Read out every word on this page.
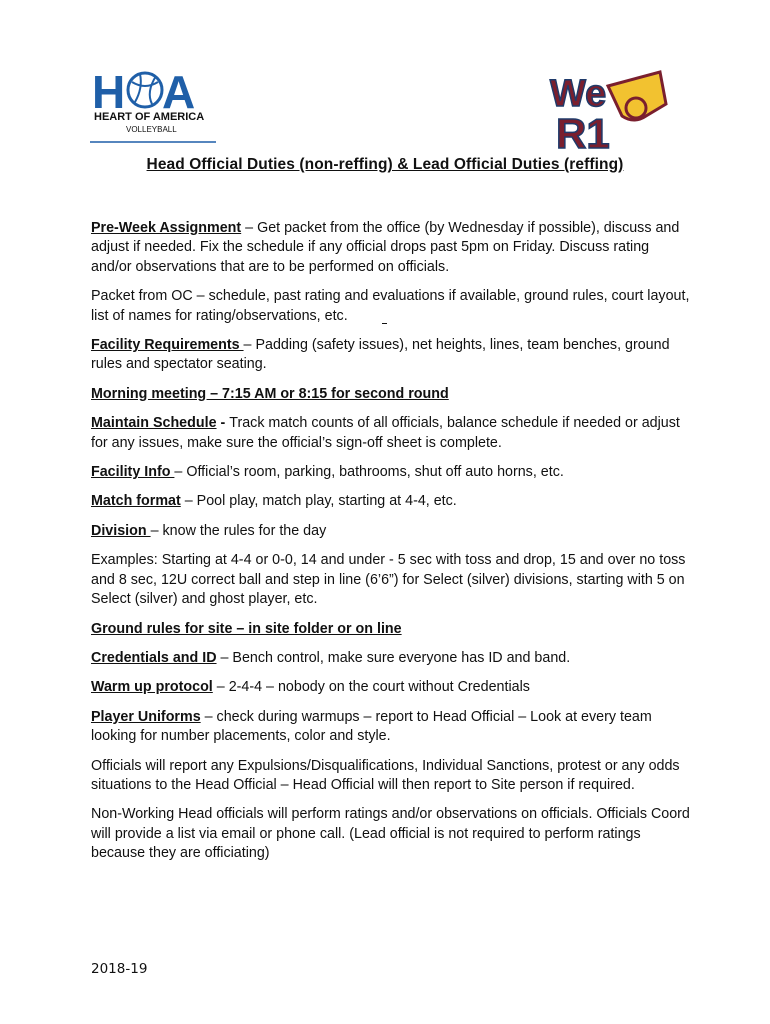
H A
HEART OF AMERICA
VOLLEYBALL
We
R1
Head Official Duties (non-reffing) & Lead Official Duties (reffing)

Pre-Week Assignment – Get packet from the office (by Wednesday if possible), discuss and adjust if needed. Fix the schedule if any official drops past 5pm on Friday. Discuss rating and/or observations that are to be performed on officials.

Packet from OC – schedule, past rating and evaluations if available, ground rules, court layout, list of names for rating/observations, etc.

Facility Requirements – Padding (safety issues), net heights, lines, team benches, ground rules and spectator seating.

Morning meeting – 7:15 AM or 8:15 for second round

Maintain Schedule - Track match counts of all officials, balance schedule if needed or adjust for any issues, make sure the official’s sign-off sheet is complete.

Facility Info – Official’s room, parking, bathrooms, shut off auto horns, etc.

Match format – Pool play, match play, starting at 4-4, etc.

Division – know the rules for the day

Examples: Starting at 4-4 or 0-0, 14 and under - 5 sec with toss and drop, 15 and over no toss and 8 sec, 12U correct ball and step in line (6’6”) for Select (silver) divisions, starting with 5 on Select (silver) and ghost player, etc.

Ground rules for site – in site folder or on line

Credentials and ID – Bench control, make sure everyone has ID and band.

Warm up protocol – 2-4-4 – nobody on the court without Credentials

Player Uniforms – check during warmups – report to Head Official – Look at every team looking for number placements, color and style.

Officials will report any Expulsions/Disqualifications, Individual Sanctions, protest or any odds situations to the Head Official – Head Official will then report to Site person if required.

Non-Working Head officials will perform ratings and/or observations on officials. Officials Coord will provide a list via email or phone call. (Lead official is not required to perform ratings because they are officiating)

2018-19
